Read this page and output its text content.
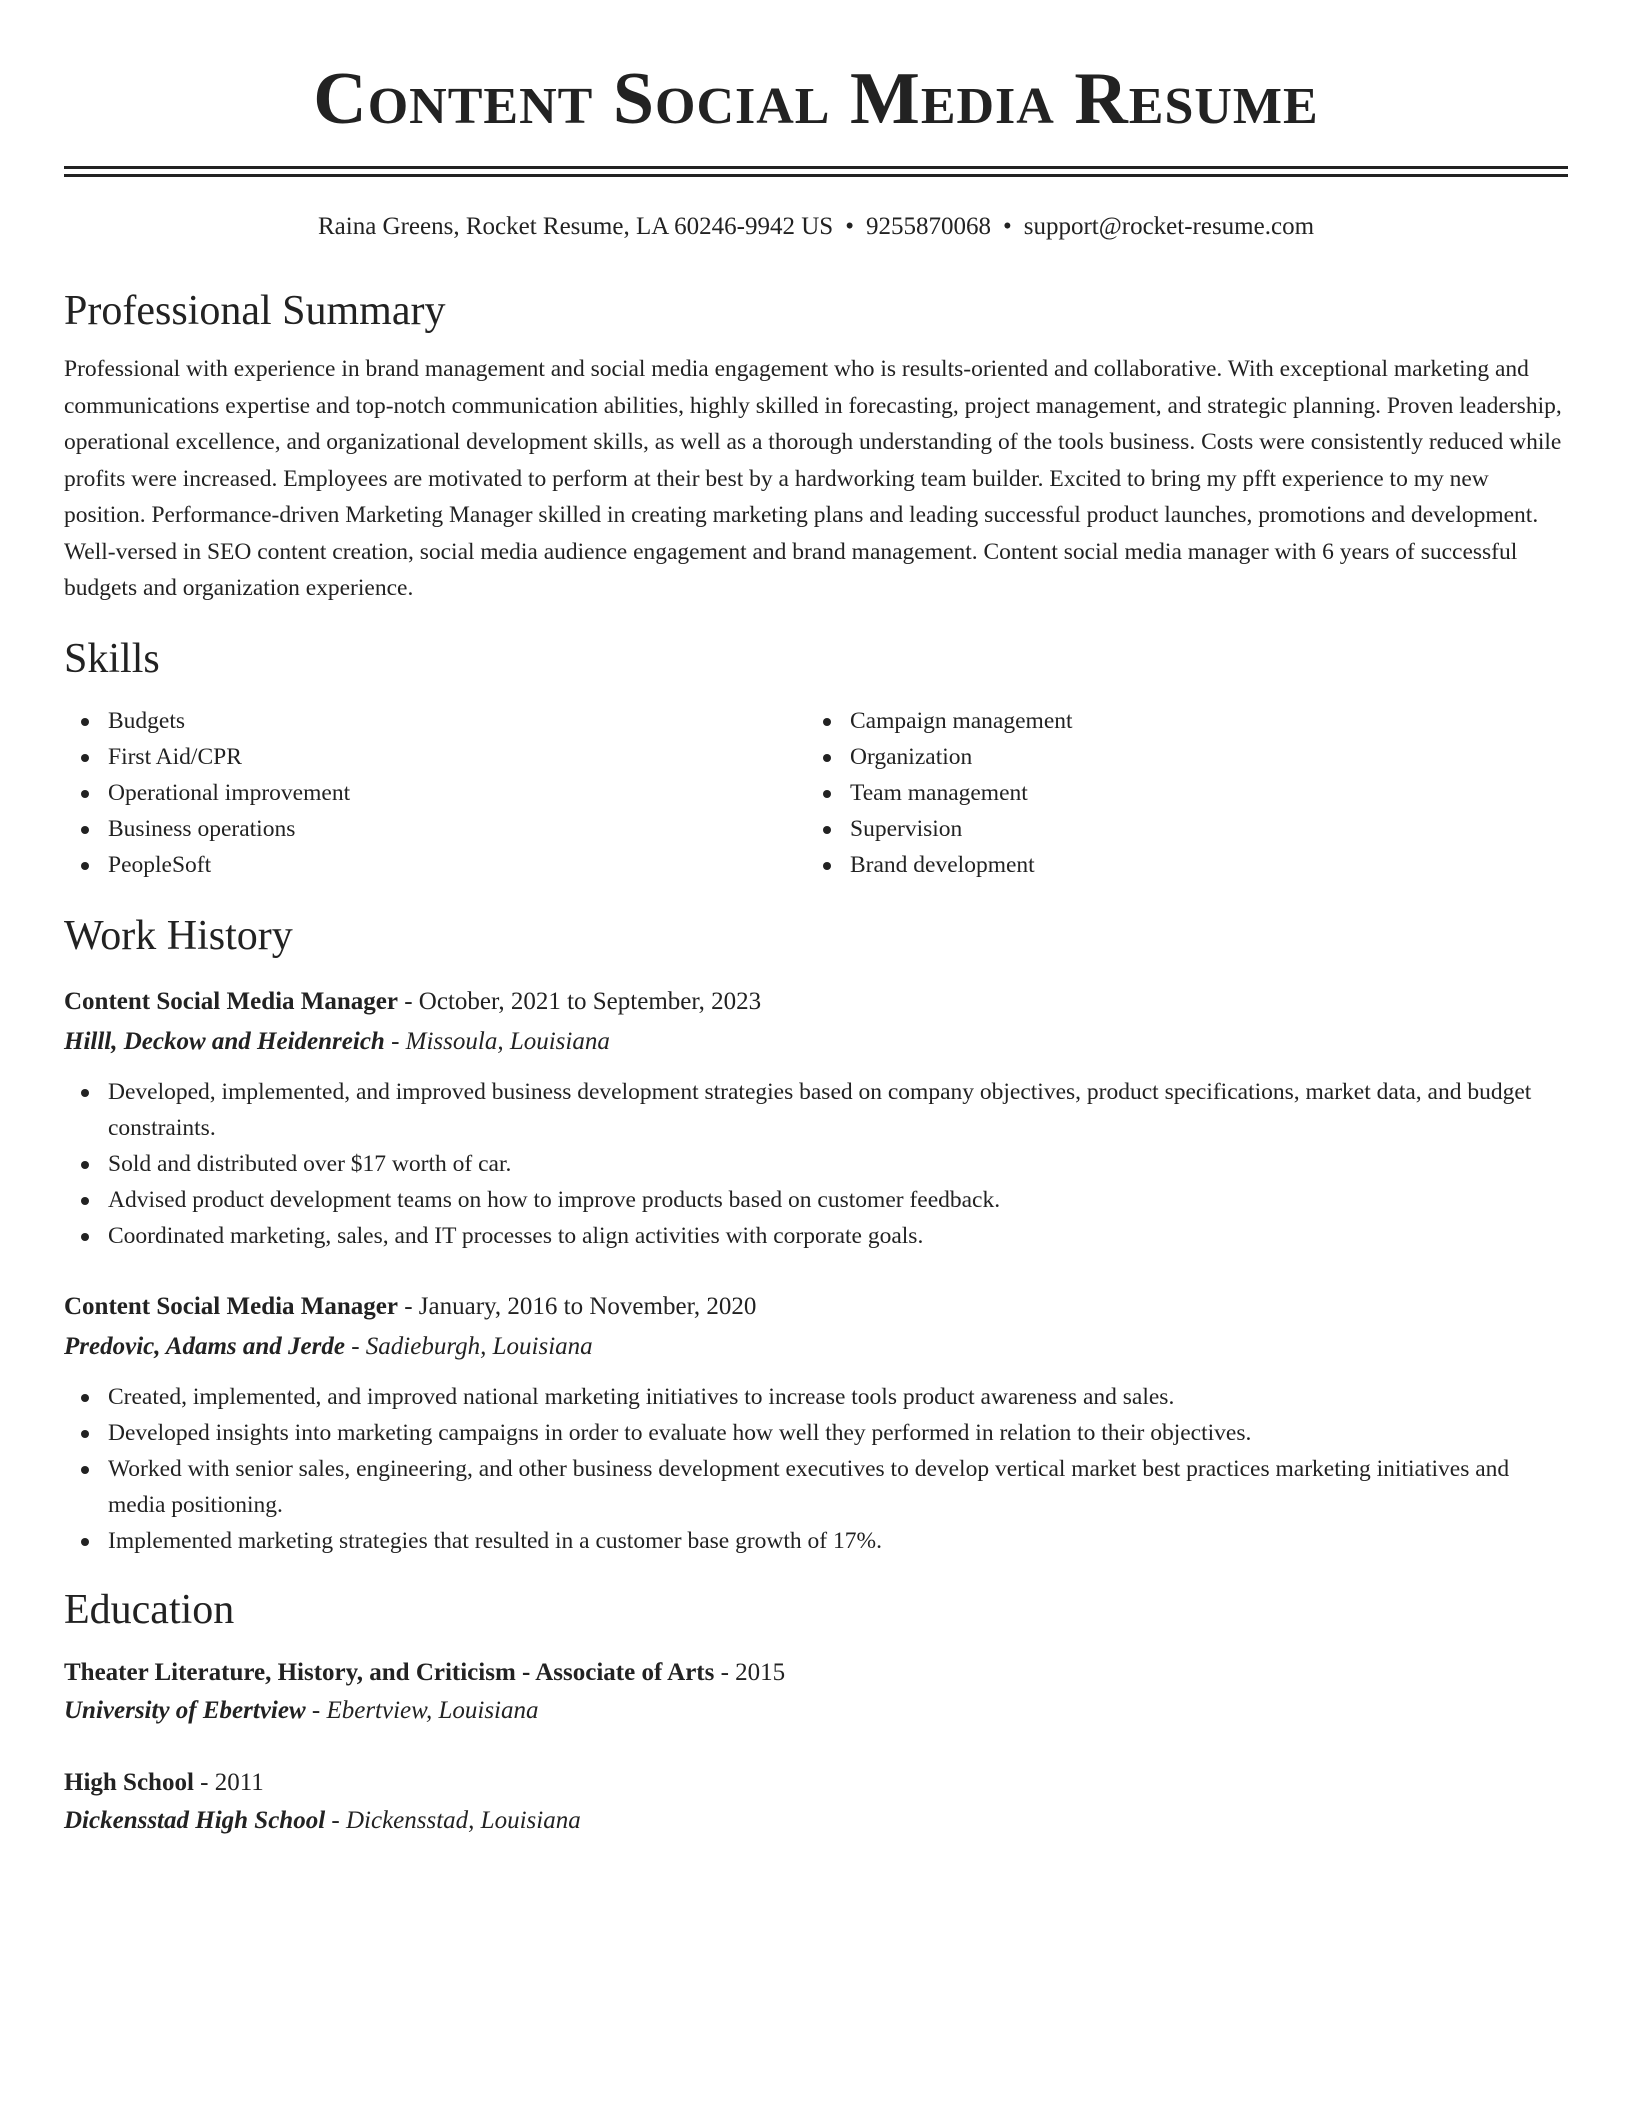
Content Social Media Resume
Raina Greens, Rocket Resume, LA 60246-9942 US • 9255870068 • support@rocket-resume.com
Professional Summary

Professional with experience in brand management and social media engagement who is results-oriented and collaborative. With exceptional marketing and communications expertise and top-notch communication abilities, highly skilled in forecasting, project management, and strategic planning. Proven leadership, operational excellence, and organizational development skills, as well as a thorough understanding of the tools business. Costs were consistently reduced while profits were increased. Employees are motivated to perform at their best by a hardworking team builder. Excited to bring my pfft experience to my new position. Performance-driven Marketing Manager skilled in creating marketing plans and leading successful product launches, promotions and development. Well-versed in SEO content creation, social media audience engagement and brand management. Content social media manager with 6 years of successful budgets and organization experience.

Skills
Budgets
First Aid/CPR
Operational improvement
Business operations
PeopleSoft
Campaign management
Organization
Team management
Supervision
Brand development
Work History
Content Social Media Manager - October, 2021 to September, 2023
Hilll, Deckow and Heidenreich - Missoula, Louisiana
Developed, implemented, and improved business development strategies based on company objectives, product specifications, market data, and budget constraints.
Sold and distributed over $17 worth of car.
Advised product development teams on how to improve products based on customer feedback.
Coordinated marketing, sales, and IT processes to align activities with corporate goals.
Content Social Media Manager - January, 2016 to November, 2020
Predovic, Adams and Jerde - Sadieburgh, Louisiana
Created, implemented, and improved national marketing initiatives to increase tools product awareness and sales.
Developed insights into marketing campaigns in order to evaluate how well they performed in relation to their objectives.
Worked with senior sales, engineering, and other business development executives to develop vertical market best practices marketing initiatives and media positioning.
Implemented marketing strategies that resulted in a customer base growth of 17%.
Education
Theater Literature, History, and Criticism - Associate of Arts - 2015
University of Ebertview - Ebertview, Louisiana
High School - 2011
Dickensstad High School - Dickensstad, Louisiana
